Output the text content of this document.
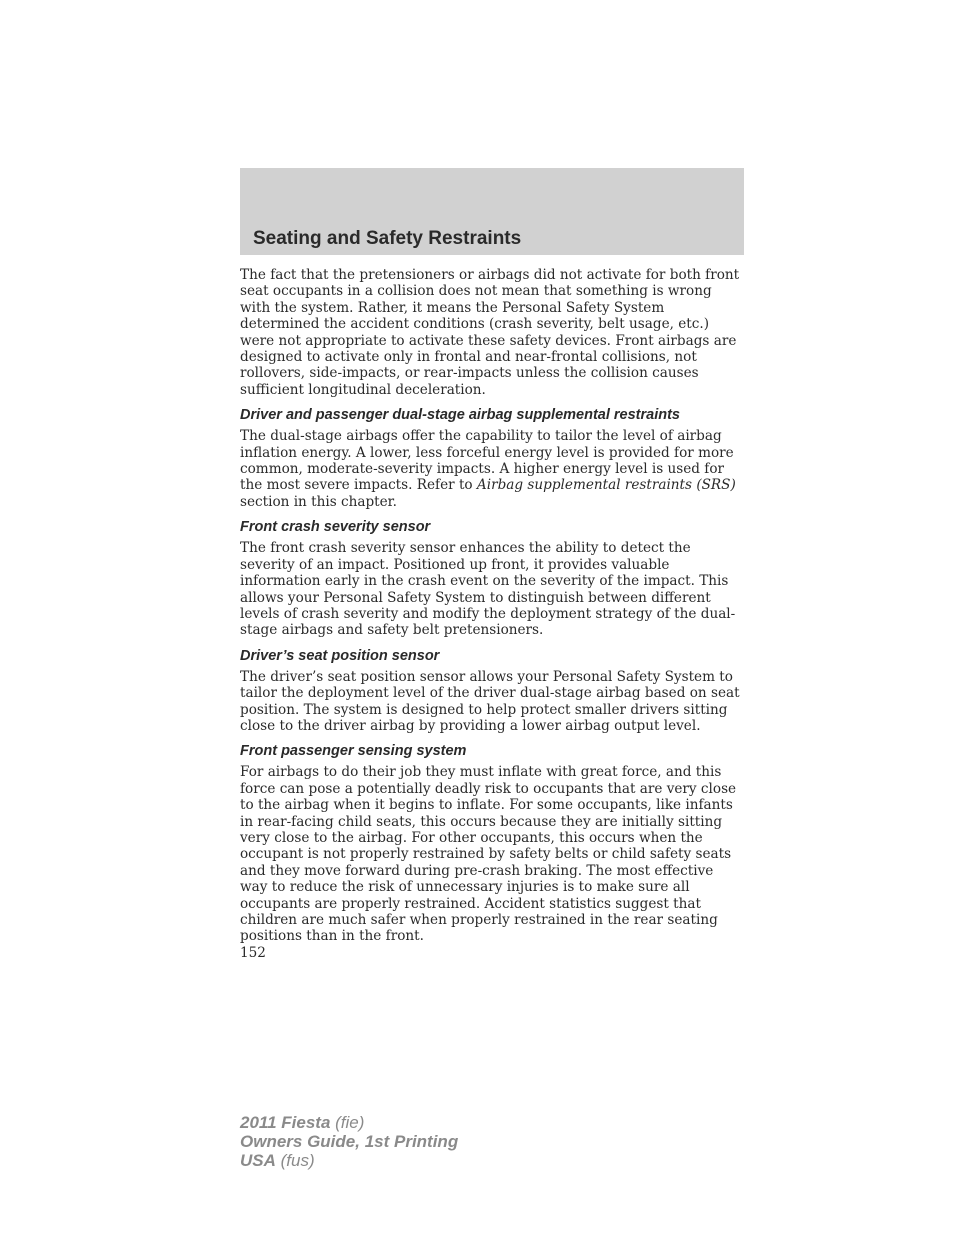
Seating and Safety Restraints

The fact that the pretensioners or airbags did not activate for both front seat occupants in a collision does not mean that something is wrong with the system. Rather, it means the Personal Safety System determined the accident conditions (crash severity, belt usage, etc.) were not appropriate to activate these safety devices. Front airbags are designed to activate only in frontal and near-frontal collisions, not rollovers, side-impacts, or rear-impacts unless the collision causes sufficient longitudinal deceleration.

Driver and passenger dual-stage airbag supplemental restraints

The dual-stage airbags offer the capability to tailor the level of airbag inflation energy. A lower, less forceful energy level is provided for more common, moderate-severity impacts. A higher energy level is used for the most severe impacts. Refer to Airbag supplemental restraints (SRS) section in this chapter.

Front crash severity sensor

The front crash severity sensor enhances the ability to detect the severity of an impact. Positioned up front, it provides valuable information early in the crash event on the severity of the impact. This allows your Personal Safety System to distinguish between different levels of crash severity and modify the deployment strategy of the dual-stage airbags and safety belt pretensioners.

Driver’s seat position sensor

The driver’s seat position sensor allows your Personal Safety System to tailor the deployment level of the driver dual-stage airbag based on seat position. The system is designed to help protect smaller drivers sitting close to the driver airbag by providing a lower airbag output level.

Front passenger sensing system

For airbags to do their job they must inflate with great force, and this force can pose a potentially deadly risk to occupants that are very close to the airbag when it begins to inflate. For some occupants, like infants in rear-facing child seats, this occurs because they are initially sitting very close to the airbag. For other occupants, this occurs when the occupant is not properly restrained by safety belts or child safety seats and they move forward during pre-crash braking. The most effective way to reduce the risk of unnecessary injuries is to make sure all occupants are properly restrained. Accident statistics suggest that children are much safer when properly restrained in the rear seating positions than in the front.

152

2011 Fiesta (fie)
Owners Guide, 1st Printing
USA (fus)
